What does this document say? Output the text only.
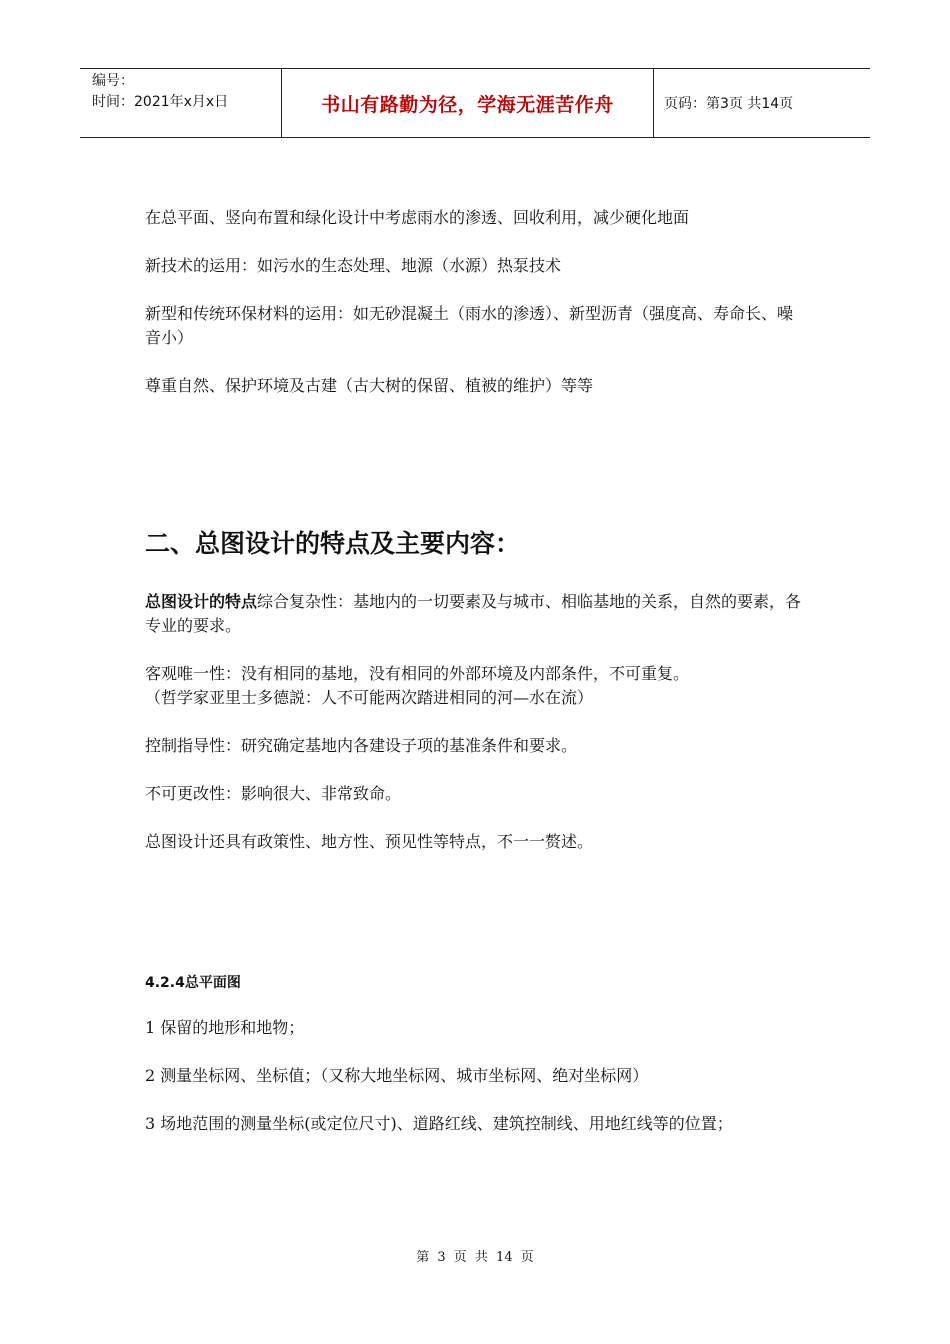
编号：
时间：2021年x月x日	书山有路勤为径，学海无涯苦作舟	页码：第3页 共14页
在总平面、竖向布置和绿化设计中考虑雨水的渗透、回收利用，减少硬化地面
新技术的运用：如污水的生态处理、地源（水源）热泵技术
新型和传统环保材料的运用：如无砂混凝土（雨水的渗透）、新型沥青（强度高、寿命长、噪音小）
尊重自然、保护环境及古建（古大树的保留、植被的维护）等等
二、总图设计的特点及主要内容：
总图设计的特点综合复杂性：基地内的一切要素及与城市、相临基地的关系，自然的要素，各专业的要求。
客观唯一性：没有相同的基地，没有相同的外部环境及内部条件，不可重复。
（哲学家亚里士多德説：人不可能两次踏进相同的河—水在流）
控制指导性：研究确定基地内各建设子项的基准条件和要求。
不可更改性：影响很大、非常致命。
总图设计还具有政策性、地方性、预见性等特点，不一一赘述。
4.2.4总平面图
1 保留的地形和地物；
2 测量坐标网、坐标值；（又称大地坐标网、城市坐标网、绝对坐标网）
3 场地范围的测量坐标(或定位尺寸)、道路红线、建筑控制线、用地红线等的位置；
第 3 页 共 14 页
